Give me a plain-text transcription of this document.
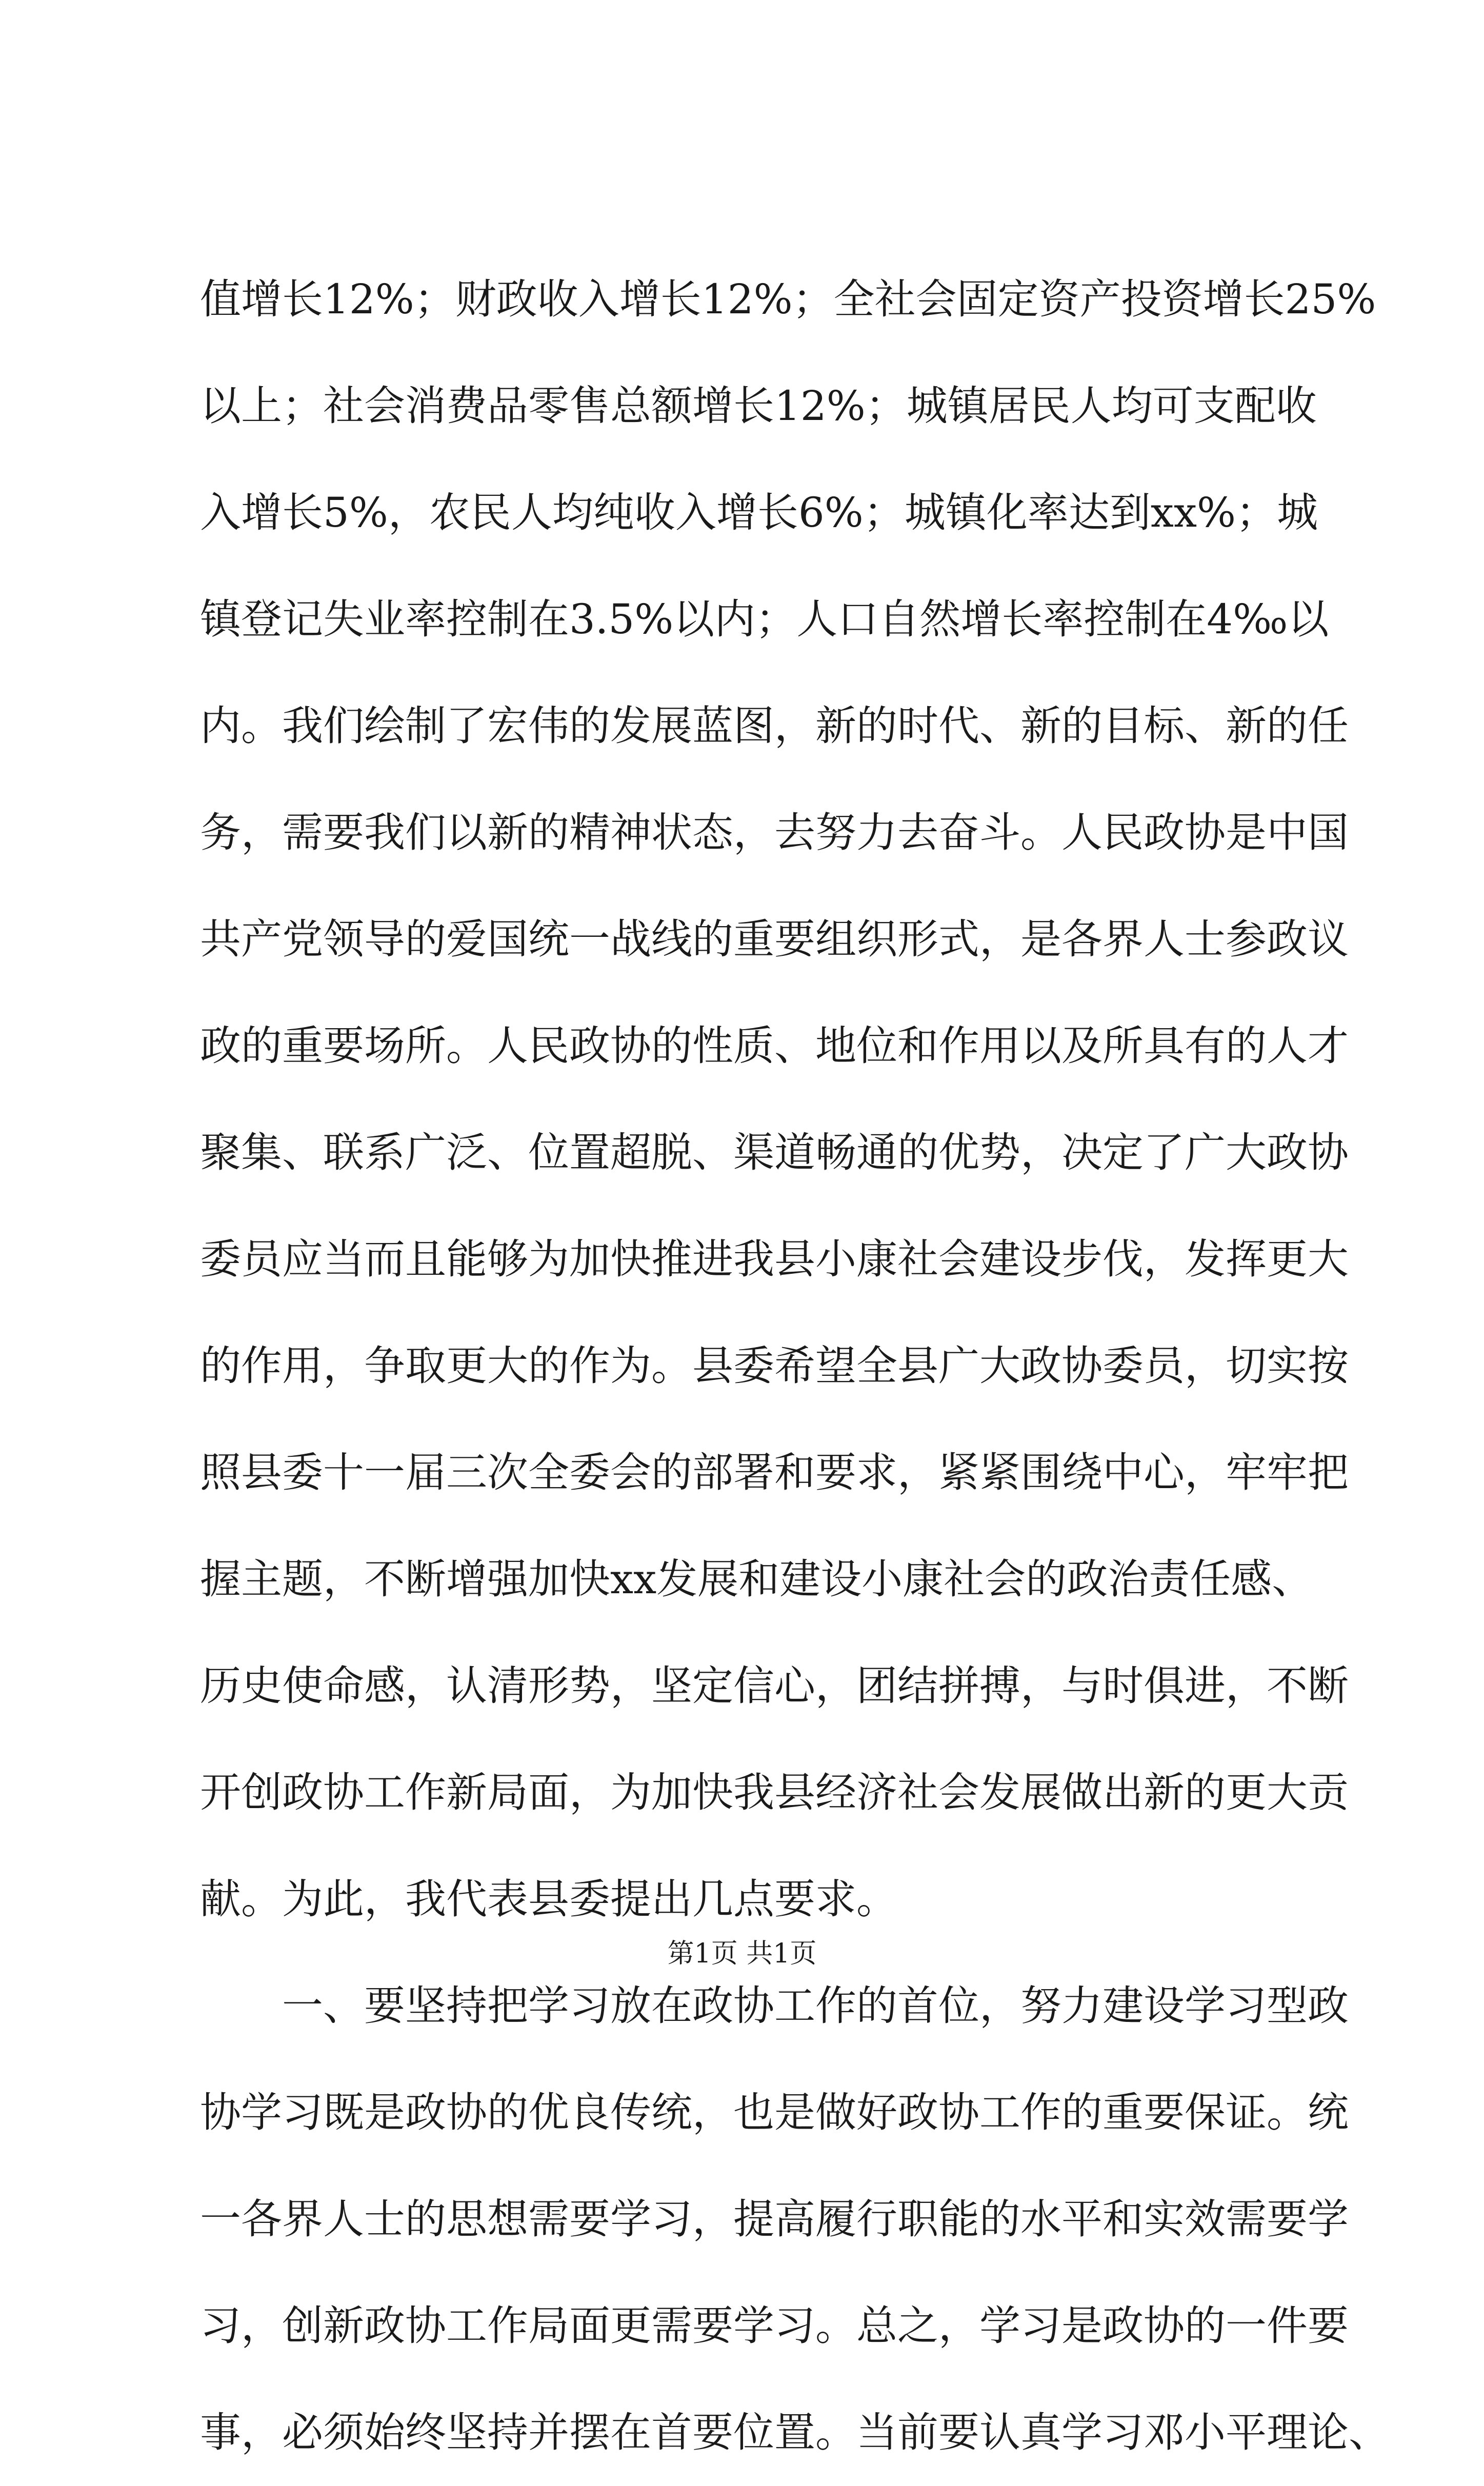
值增长12%；财政收入增长12%；全社会固定资产投资增长25%
以上；社会消费品零售总额增长12%；城镇居民人均可支配收
入增长5%，农民人均纯收入增长6%；城镇化率达到xx%；城
镇登记失业率控制在3.5%以内；人口自然增长率控制在4‰以
内。我们绘制了宏伟的发展蓝图，新的时代、新的目标、新的任
务，需要我们以新的精神状态，去努力去奋斗。人民政协是中国
共产党领导的爱国统一战线的重要组织形式，是各界人士参政议
政的重要场所。人民政协的性质、地位和作用以及所具有的人才
聚集、联系广泛、位置超脱、渠道畅通的优势，决定了广大政协
委员应当而且能够为加快推进我县小康社会建设步伐，发挥更大
的作用，争取更大的作为。县委希望全县广大政协委员，切实按
照县委十一届三次全委会的部署和要求，紧紧围绕中心，牢牢把
握主题，不断增强加快xx发展和建设小康社会的政治责任感、
历史使命感，认清形势，坚定信心，团结拼搏，与时俱进，不断
开创政协工作新局面，为加快我县经济社会发展做出新的更大贡
献。为此，我代表县委提出几点要求。
一、要坚持把学习放在政协工作的首位，努力建设学习型政
协学习既是政协的优良传统，也是做好政协工作的重要保证。统
一各界人士的思想需要学习，提高履行职能的水平和实效需要学
习，创新政协工作局面更需要学习。总之，学习是政协的一件要
事，必须始终坚持并摆在首要位置。当前要认真学习邓小平理论、
第1页 共1页
